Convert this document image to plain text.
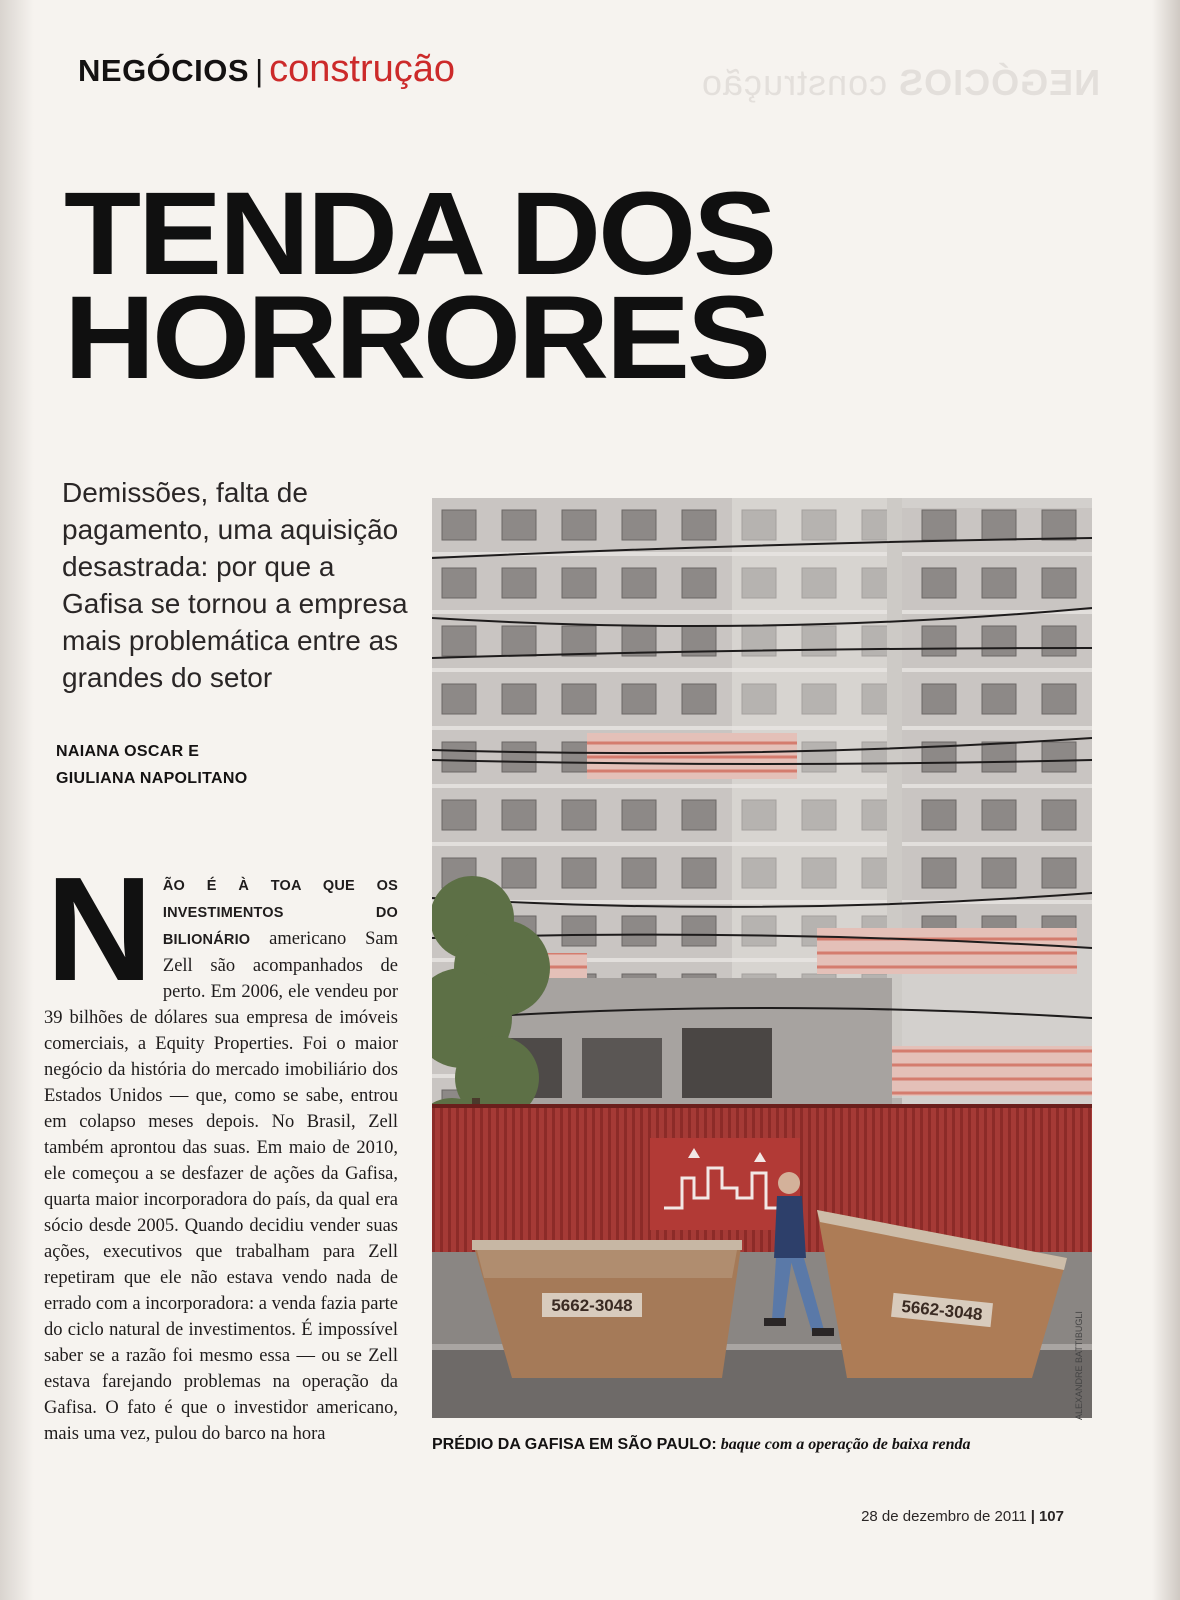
NEGÓCIOS construção
NEGÓCIOS | construção
TENDA DOS
HORRORES

Demissões, falta de pagamento, uma aquisição desastrada: por que a Gafisa se tornou a empresa mais problemática entre as grandes do setor

NAIANA OSCAR E
GIULIANA NAPOLITANO
N ÃO É À TOA QUE OS INVESTIMENTOS DO BILIONÁRIO americano Sam Zell são acompanhados de perto. Em 2006, ele vendeu por 39 bilhões de dólares sua empresa de imóveis comerciais, a Equity Properties. Foi o maior negócio da história do mercado imobiliário dos Estados Unidos — que, como se sabe, entrou em colapso meses depois. No Brasil, Zell também aprontou das suas. Em maio de 2010, ele começou a se desfazer de ações da Gafisa, quarta maior incorporadora do país, da qual era sócio desde 2005. Quando decidiu vender suas ações, executivos que trabalham para Zell repetiram que ele não estava vendo nada de errado com a incorporadora: a venda fazia parte do ciclo natural de investimentos. É impossível saber se a razão foi mesmo essa — ou se Zell estava farejando problemas na operação da Gafisa. O fato é que o investidor americano, mais uma vez, pulou do barco na hora
5662-3048	5662-3048
ALEXANDRE BATTIBUGLI
PRÉDIO DA GAFISA EM SÃO PAULO: baque com a operação de baixa renda
28 de dezembro de 2011 | 107
